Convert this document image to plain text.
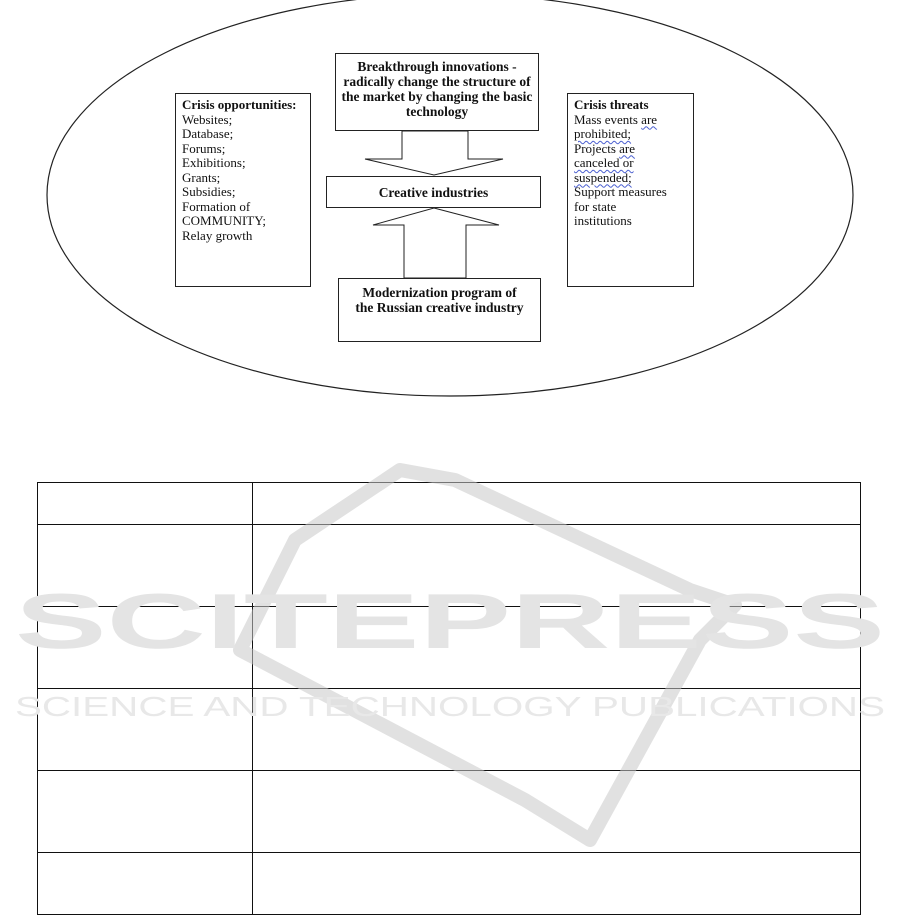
Breakthrough innovations - radically change the structure of the market by changing the basic technology
Creative industries
Modernization program of the Russian creative industry
Crisis opportunities:
Websites;
Database;
Forums;
Exhibitions;
Grants;
Subsidies;
Formation of COMMUNITY;
Relay growth
Crisis threats
Mass events are
prohibited;
Projects are
canceled or
suspended;
Support measures
for state
institutions

SCITEPRESS
SCIENCE AND TECHNOLOGY PUBLICATIONS
